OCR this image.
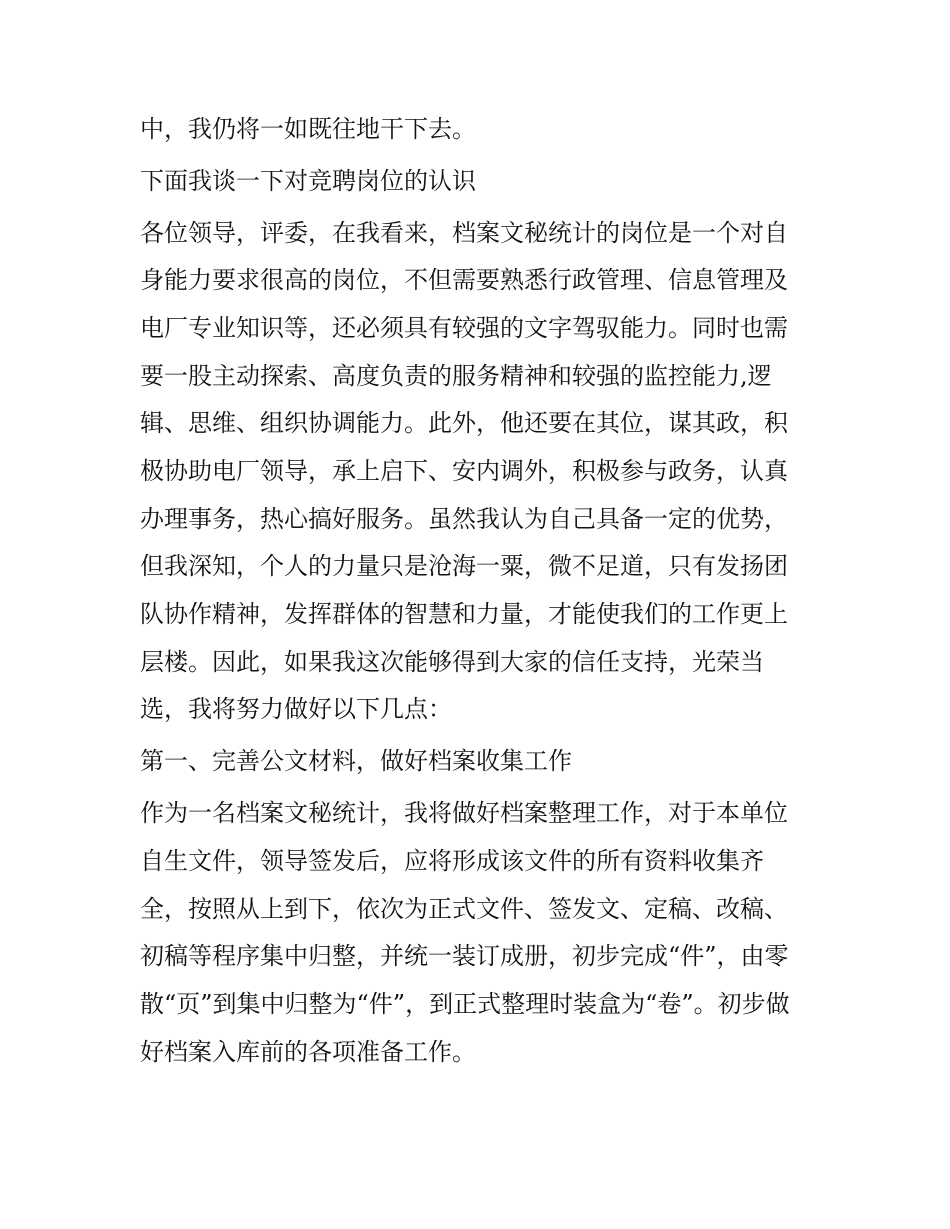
中，我仍将一如既往地干下去。
下面我谈一下对竞聘岗位的认识
各位领导，评委，在我看来，档案文秘统计的岗位是一个对自
身能力要求很高的岗位，不但需要熟悉行政管理、信息管理及
电厂专业知识等，还必须具有较强的文字驾驭能力。同时也需
要一股主动探索、高度负责的服务精神和较强的监控能力,逻
辑、思维、组织协调能力。此外，他还要在其位，谋其政，积
极协助电厂领导，承上启下、安内调外，积极参与政务，认真
办理事务，热心搞好服务。虽然我认为自己具备一定的优势，
但我深知，个人的力量只是沧海一粟，微不足道，只有发扬团
队协作精神，发挥群体的智慧和力量，才能使我们的工作更上
层楼。因此，如果我这次能够得到大家的信任支持，光荣当
选，我将努力做好以下几点：
第一、完善公文材料，做好档案收集工作
作为一名档案文秘统计，我将做好档案整理工作，对于本单位
自生文件，领导签发后，应将形成该文件的所有资料收集齐
全，按照从上到下，依次为正式文件、签发文、定稿、改稿、
初稿等程序集中归整，并统一装订成册，初步完成“件”，由零
散“页”到集中归整为“件”，到正式整理时装盒为“卷”。初步做
好档案入库前的各项准备工作。
